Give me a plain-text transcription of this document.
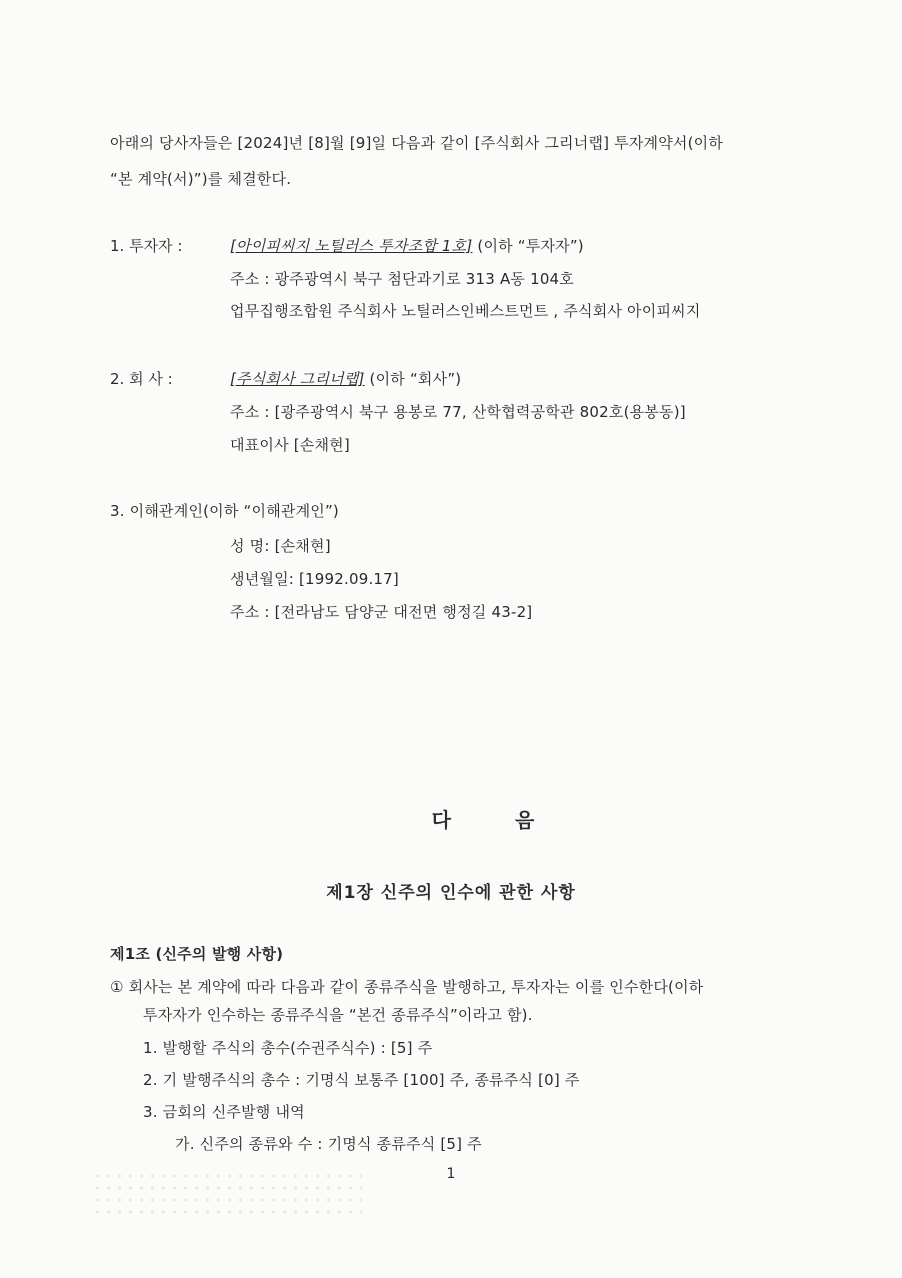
아래의 당사자들은 [2024]년 [8]월 [9]일 다음과 같이 [주식회사 그리너랩] 투자계약서(이하
“본 계약(서)”)를 체결한다.
1. 투자자 :	[아이피씨지 노틸러스 투자조합 1호] (이하 “투자자”)
주소 : 광주광역시 북구 첨단과기로 313 A동 104호
업무집행조합원 주식회사 노틸러스인베스트먼트 , 주식회사 아이피씨지
2. 회 사 :	[주식회사 그리너랩] (이하 “회사”)
주소 : [광주광역시 북구 용봉로 77, 산학협력공학관 802호(용봉동)]
대표이사 [손채현]
3. 이해관계인(이하 “이해관계인”)
성 명: [손채현]
생년월일: [1992.09.17]
주소 : [전라남도 담양군 대전면 행정길 43-2]
다음
제1장 신주의 인수에 관한 사항
제1조 (신주의 발행 사항)
① 회사는 본 계약에 따라 다음과 같이 종류주식을 발행하고, 투자자는 이를 인수한다(이하
투자자가 인수하는 종류주식을 “본건 종류주식”이라고 함).
1. 발행할 주식의 총수(수권주식수) : [5] 주
2. 기 발행주식의 총수 : 기명식 보통주 [100] 주, 종류주식 [0] 주
3. 금회의 신주발행 내역
가. 신주의 종류와 수 : 기명식 종류주식 [5] 주
1
